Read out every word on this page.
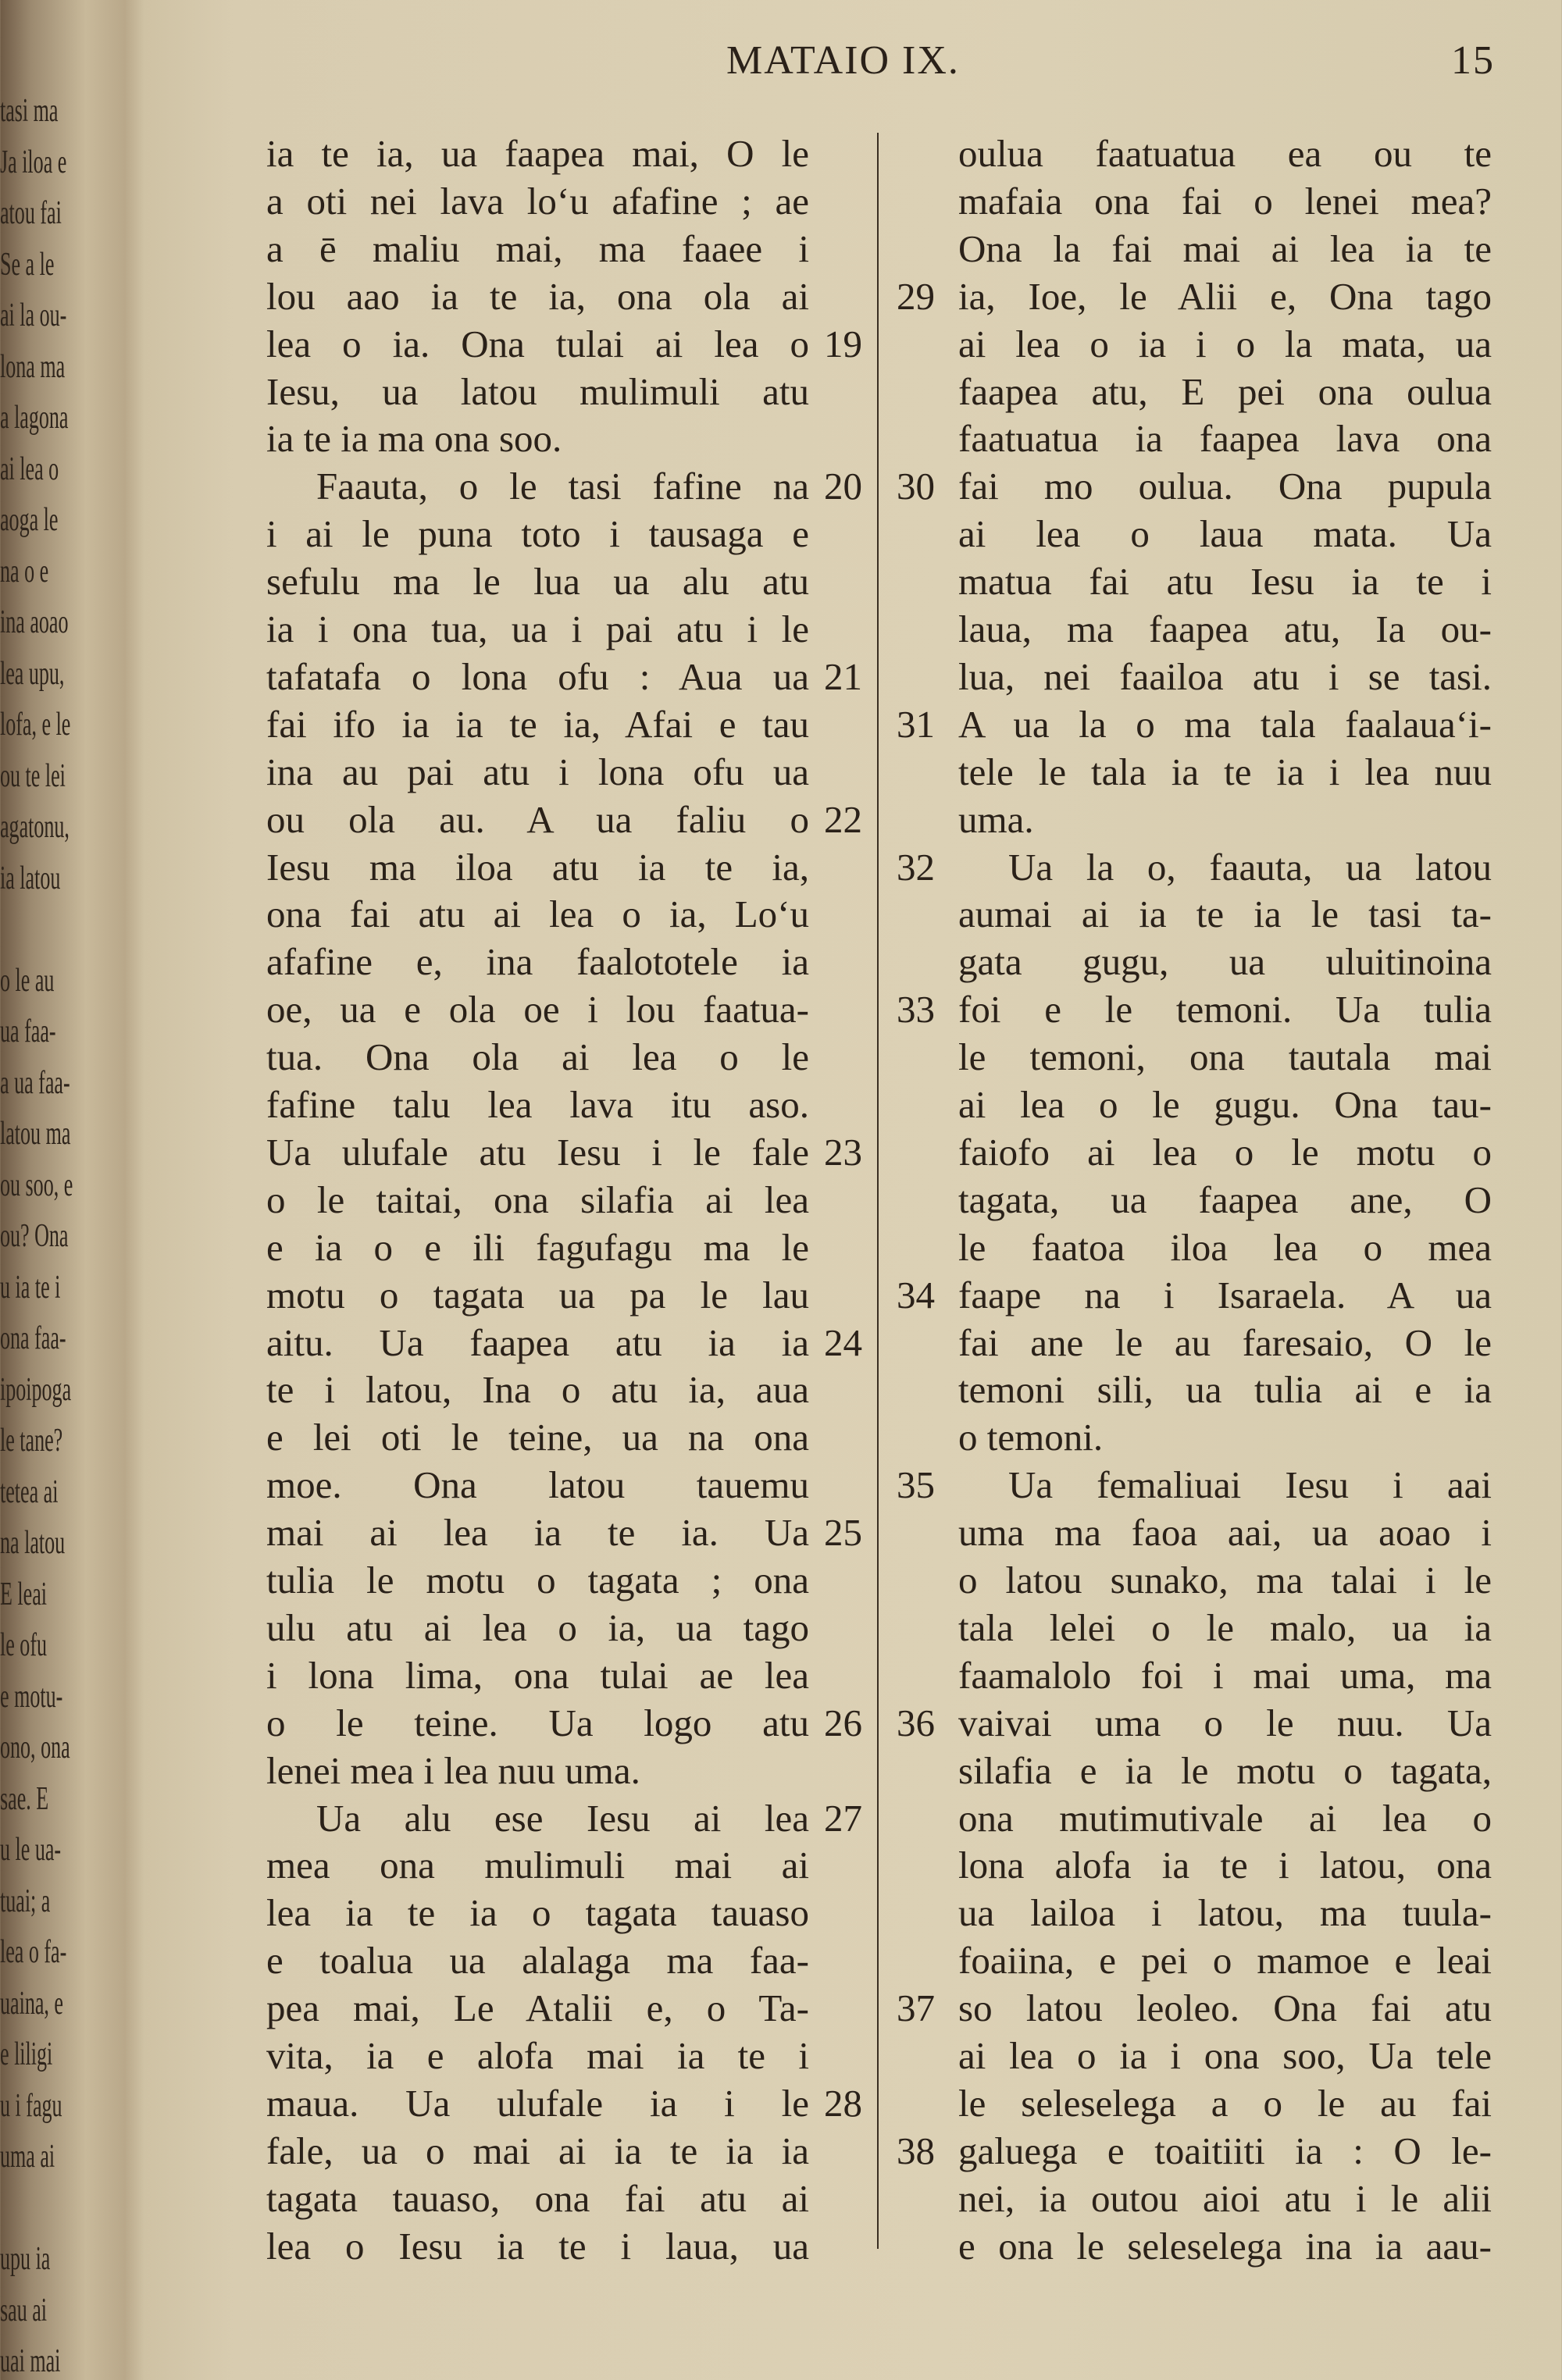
tasi ma
Ja iloa e
atou fai
Se a le
ai la ou-
lona ma
a lagona
ai lea o
aoga le
na o e
ina aoao
lea upu,
lofa, e le
ou te lei
agatonu,
ia latou
o le au
ua faa-
a ua faa-
latou ma
ou soo, e
ou? Ona
u ia te i
ona faa-
ipoipoga
le tane?
tetea ai
na latou
E leai
le ofu
e motu-
ono, ona
sae. E
u le ua-
tuai; a
lea o fa-
uaina, e
e liligi
u i fagu
uma ai
upu ia
sau ai
uai mai
MATAIO IX.	15
ia te ia, ua faapea mai, O le
a oti nei lava lo‘u afafine ; ae
a ē maliu mai, ma faaee i
lou aao ia te ia, ona ola ai
lea o ia. Ona tulai ai lea o 19
Iesu, ua latou mulimuli atu
ia te ia ma ona soo.
Faauta, o le tasi fafine na 20
i ai le puna toto i tausaga e
sefulu ma le lua ua alu atu
ia i ona tua, ua i pai atu i le
tafatafa o lona ofu : Aua ua 21
fai ifo ia ia te ia, Afai e tau
ina au pai atu i lona ofu ua
ou ola au. A ua faliu o 22
Iesu ma iloa atu ia te ia,
ona fai atu ai lea o ia, Lo‘u
afafine e, ina faalototele ia
oe, ua e ola oe i lou faatua-
tua. Ona ola ai lea o le
fafine talu lea lava itu aso.
Ua ulufale atu Iesu i le fale 23
o le taitai, ona silafia ai lea
e ia o e ili fagufagu ma le
motu o tagata ua pa le lau
aitu. Ua faapea atu ia ia 24
te i latou, Ina o atu ia, aua
e lei oti le teine, ua na ona
moe. Ona latou tauemu
mai ai lea ia te ia. Ua 25
tulia le motu o tagata ; ona
ulu atu ai lea o ia, ua tago
i lona lima, ona tulai ae lea
o le teine. Ua logo atu 26
lenei mea i lea nuu uma.
Ua alu ese Iesu ai lea 27
mea ona mulimuli mai ai
lea ia te ia o tagata tauaso
e toalua ua alalaga ma faa-
pea mai, Le Atalii e, o Ta-
vita, ia e alofa mai ia te i
maua. Ua ulufale ia i le 28
fale, ua o mai ai ia te ia ia
tagata tauaso, ona fai atu ai
lea o Iesu ia te i laua, ua
oulua faatuatua ea ou te
mafaia ona fai o lenei mea?
Ona la fai mai ai lea ia te
ia, Ioe, le Alii e, Ona tago
29
ai lea o ia i o la mata, ua
faapea atu, E pei ona oulua
faatuatua ia faapea lava ona
fai mo oulua. Ona pupula
30
ai lea o laua mata. Ua
matua fai atu Iesu ia te i
laua, ma faapea atu, Ia ou-
lua, nei faailoa atu i se tasi.
A ua la o ma tala faalaua‘i-
31
tele le tala ia te ia i lea nuu
uma.
Ua la o, faauta, ua latou
32
aumai ai ia te ia le tasi ta-
gata gugu, ua uluitinoina
foi e le temoni. Ua tulia
33
le temoni, ona tautala mai
ai lea o le gugu. Ona tau-
faiofo ai lea o le motu o
tagata, ua faapea ane, O
le faatoa iloa lea o mea
faape na i Isaraela. A ua
34
fai ane le au faresaio, O le
temoni sili, ua tulia ai e ia
o temoni.
Ua femaliuai Iesu i aai
35
uma ma faoa aai, ua aoao i
o latou sunako, ma talai i le
tala lelei o le malo, ua ia
faamalolo foi i mai uma, ma
vaivai uma o le nuu. Ua
36
silafia e ia le motu o tagata,
ona mutimutivale ai lea o
lona alofa ia te i latou, ona
ua lailoa i latou, ma tuula-
foaiina, e pei o mamoe e leai
so latou leoleo. Ona fai atu
37
ai lea o ia i ona soo, Ua tele
le seleselega a o le au fai
galuega e toaitiiti ia : O le-
38
nei, ia outou aioi atu i le alii
e ona le seleselega ina ia aau-
